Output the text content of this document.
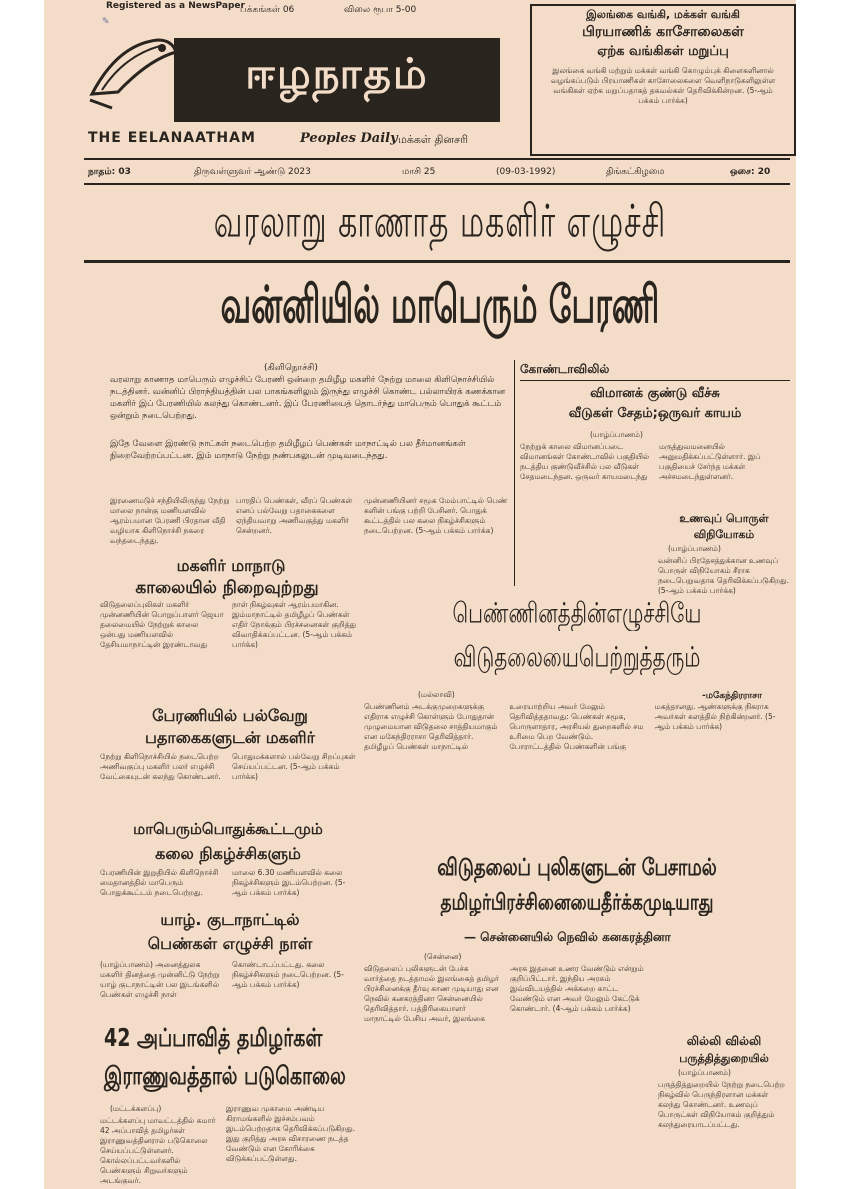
Registered as a NewsPaper
✎
பக்கங்கள் 06	விலை ரூபா 5-00
ஈழநாதம்
THE EELANAATHAM	Peoples Daily மக்கள் தினசரி
இலங்கை வங்கி, மக்கள் வங்கி
பிரயாணிக் காசோலைகள்
ஏற்க வங்கிகள் மறுப்பு
இலங்கை வங்கி மற்றும் மக்கள் வங்கி கொழும்புக் கிளைகளினால் வழங்கப்படும் பிரயாணிகள் காசோலைகளை வெளிநாடுகளிலுள்ள வங்கிகள் ஏற்க மறுப்பதாகத் தகவல்கள் தெரிவிக்கின்றன. (5-ஆம் பக்கம் பார்க்க)
நாதம்: 03	திருவள்ளுவர் ஆண்டு 2023	மாசி 25	(09-03-1992)	திங்கட்கிழமை	ஒசை: 20
வரலாறு காணாத மகளிர் எழுச்சி
வன்னியில் மாபெரும் பேரணி
(கிளிநொச்சி)
வரலாறு காணாத மாபெரும் எழுச்சிப் பேரணி ஒன்றை தமிழீழ மகளிர் நேற்று மாலை கிளிநொச்சியில் நடத்தினர். வன்னிப் பிராந்தியத்தின் பல பாகங்களிலும் இருந்து எழுச்சி கொண்ட பல்லாயிரக் கணக்கான மகளிர் இப் பேரணியில் கலந்து கொண்டனர். இப் பேரணியைத் தொடர்ந்து மாபெரும் பொதுக் கூட்டம் ஒன்றும் நடைபெற்றது.
இதே வேளை இரண்டு நாட்கள் நடைபெற்ற தமிழீழப் பெண்கள் மாநாட்டில் பல தீர்மானங்கள் நிறைவேற்றப்பட்டன. இம் மாநாடு நேற்று நண்பகலுடன் முடிவடைந்தது.
இரணைமடுச் சந்தியிலிருந்து நேற்று மாலை நான்கு மணியளவில் ஆரம்பமான பேரணி பிரதான வீதி வழியாக கிளிநொச்சி நகரை வந்தடைந்தது.
பாரதிப் பெண்கள், வீரப் பெண்கள் எனப் பல்வேறு பதாகைகளை ஏந்தியவாறு அணிவகுத்து மகளிர் சென்றனர்.
முன்னணியினர் சமூக மேம்பாட்டில் பெண் களின் பங்கு பற்றி பேசினர். பொதுக் கூட்டத்தில் பல கலை நிகழ்ச்சிகளும் நடைபெற்றன. (5-ஆம் பக்கம் பார்க்க)
மகளிர் மாநாடு
காலையில் நிறைவுற்றது
விடுதலைப்புலிகள் மகளிர் முன்னணியின் பொறுப்பாளர் ஜெயா தலைமையில் நேற்றுக் காலை ஒன்பது மணியளவில் தேசியமாநாட்டின் இரண்டாவது நாள் நிகழ்வுகள் ஆரம்பமாகின. இம்மாநாட்டில் தமிழீழப் பெண்கள் எதிர் நோக்கும் பிரச்சனைகள் குறித்து விவாதிக்கப்பட்டன. (5-ஆம் பக்கம் பார்க்க)
பேரணியில் பல்வேறு
பதாகைகளுடன் மகளிர்
நேற்று கிளிநொச்சியில் நடைபெற்ற அணிவகுப்பு மகளிர் பலர் எழுச்சி வேட்கையுடன் கலந்து கொண்டனர். பொதுமக்களால் பல்வேறு சிறப்புகள் செய்யப்பட்டன. (5-ஆம் பக்கம் பார்க்க)
மாபெரும்பொதுக்கூட்டமும்
கலை நிகழ்ச்சிகளும்
பேரணியின் இறுதியில் கிளிநொச்சி மைதானத்தில் மாபெரும் பொதுக்கூட்டம் நடைபெற்றது. மாலை 6.30 மணியளவில் கலை நிகழ்ச்சிகளும் இடம்பெற்றன. (5-ஆம் பக்கம் பார்க்க)
யாழ். குடாநாட்டில்
பெண்கள் எழுச்சி நாள்
(யாழ்ப்பாணம்) அனைத்துலக மகளிர் தினத்தை முன்னிட்டு நேற்று யாழ் குடாநாட்டின் பல இடங்களில் பெண்கள் எழுச்சி நாள் கொண்டாடப்பட்டது. கலை நிகழ்ச்சிகளும் நடைபெற்றன. (5-ஆம் பக்கம் பார்க்க)
கோண்டாவிலில்
விமானக் குண்டு வீச்சு
வீடுகள் சேதம்;ஒருவர் காயம்
(யாழ்ப்பாணம்)
நேற்றுக் காலை விமானப்படை விமானங்கள் கோண்டாவில் பகுதியில் நடத்திய குண்டுவீச்சில் பல வீடுகள் சேதமடைந்தன. ஒருவர் காயமடைந்து மருத்துவமனையில் அனுமதிக்கப்பட்டுள்ளார். இப் பகுதியைச் சேர்ந்த மக்கள் அச்சமடைந்துள்ளனர்.
உணவுப் பொருள்
விநியோகம்
(யாழ்ப்பாணம்)
வன்னிப் பிரதேசத்துக்கான உணவுப் பொருள் விநியோகம் சீராக நடைபெறுவதாக தெரிவிக்கப்படுகிறது. (5-ஆம் பக்கம் பார்க்க)
பெண்ணினத்தின்எழுச்சியே
விடுதலையைபெற்றுத்தரும்
-மகேந்திரராசா
(மல்லாவி)
பெண்ணினம் அடக்குமுறைகளுக்கு எதிராக எழுச்சி கொள்ளும் போதுதான் முழுமையான விடுதலை சாத்தியமாகும் என மகேந்திரராசா தெரிவித்தார். தமிழீழப் பெண்கள் மாநாட்டில் உரையாற்றிய அவர் மேலும் தெரிவித்ததாவது: பெண்கள் சமூக, பொருளாதார, அரசியல் துறைகளில் சம உரிமை பெற வேண்டும். போராட்டத்தில் பெண்களின் பங்கு மகத்தானது. ஆண்களுக்கு நிகராக அவர்கள் களத்தில் நிற்கின்றனர். (5-ஆம் பக்கம் பார்க்க)
விடுதலைப் புலிகளுடன் பேசாமல்
தமிழர்பிரச்சினையைதீர்க்கமுடியாது
— சென்னையில் நெவில் கனகரத்தினா
(சென்னை)
விடுதலைப் புலிகளுடன் பேச்சு வார்த்தை நடத்தாமல் இலங்கைத் தமிழர் பிரச்சினைக்கு தீர்வு காண முடியாது என நெவில் கனகரத்தினா சென்னையில் தெரிவித்தார். பத்திரிகையாளர் மாநாட்டில் பேசிய அவர், இலங்கை அரசு இதனை உணர வேண்டும் என்றும் குறிப்பிட்டார். இந்திய அரசும் இவ்விடயத்தில் அக்கறை காட்ட வேண்டும் என அவர் மேலும் கேட்டுக் கொண்டார். (4-ஆம் பக்கம் பார்க்க)
லில்லி வில்லி
பருத்தித்துறையில்
(யாழ்ப்பாணம்)
பருத்தித்துறையில் நேற்று நடைபெற்ற நிகழ்வில் பெருந்திரளான மக்கள் கலந்து கொண்டனர். உணவுப் பொருட்கள் விநியோகம் குறித்தும் கலந்துரையாடப்பட்டது.
42 அப்பாவித் தமிழர்கள்
இராணுவத்தால் படுகொலை
(மட்டக்களப்பு)
மட்டக்களப்பு மாவட்டத்தில் சுமார் 42 அப்பாவித் தமிழர்கள் இராணுவத்தினரால் படுகொலை செய்யப்பட்டுள்ளனர். கொல்லப்பட்டவர்களில் பெண்களும் சிறுவர்களும் அடங்குவர்.
இராணுவ முகாமை அண்டிய கிராமங்களில் இச்சம்பவம் இடம்பெற்றதாக தெரிவிக்கப்படுகிறது. இது குறித்து அரசு விசாரணை நடத்த வேண்டும் என கோரிக்கை விடுக்கப்பட்டுள்ளது.
